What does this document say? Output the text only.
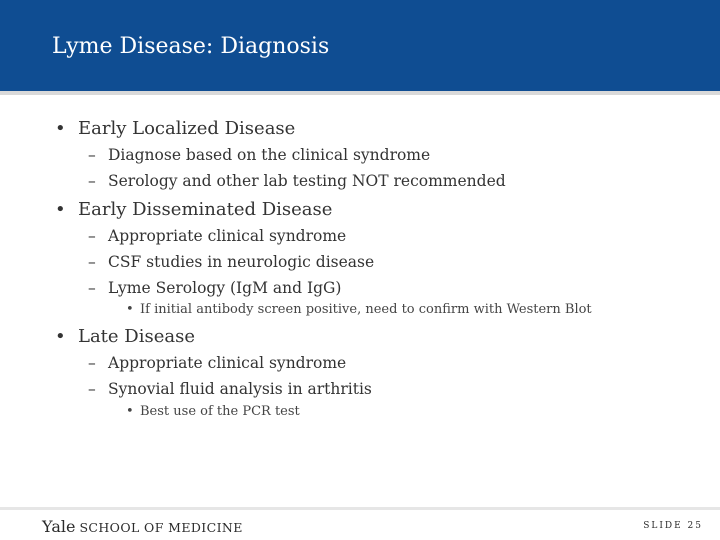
Lyme Disease: Diagnosis
• Early Localized Disease
– Diagnose based on the clinical syndrome
– Serology and other lab testing NOT recommended
• Early Disseminated Disease
– Appropriate clinical syndrome
– CSF studies in neurologic disease
– Lyme Serology (IgM and IgG)
• If initial antibody screen positive, need to confirm with Western Blot
• Late Disease
– Appropriate clinical syndrome
– Synovial fluid analysis in arthritis
• Best use of the PCR test
Yale SCHOOL OF MEDICINE	SLIDE 25
